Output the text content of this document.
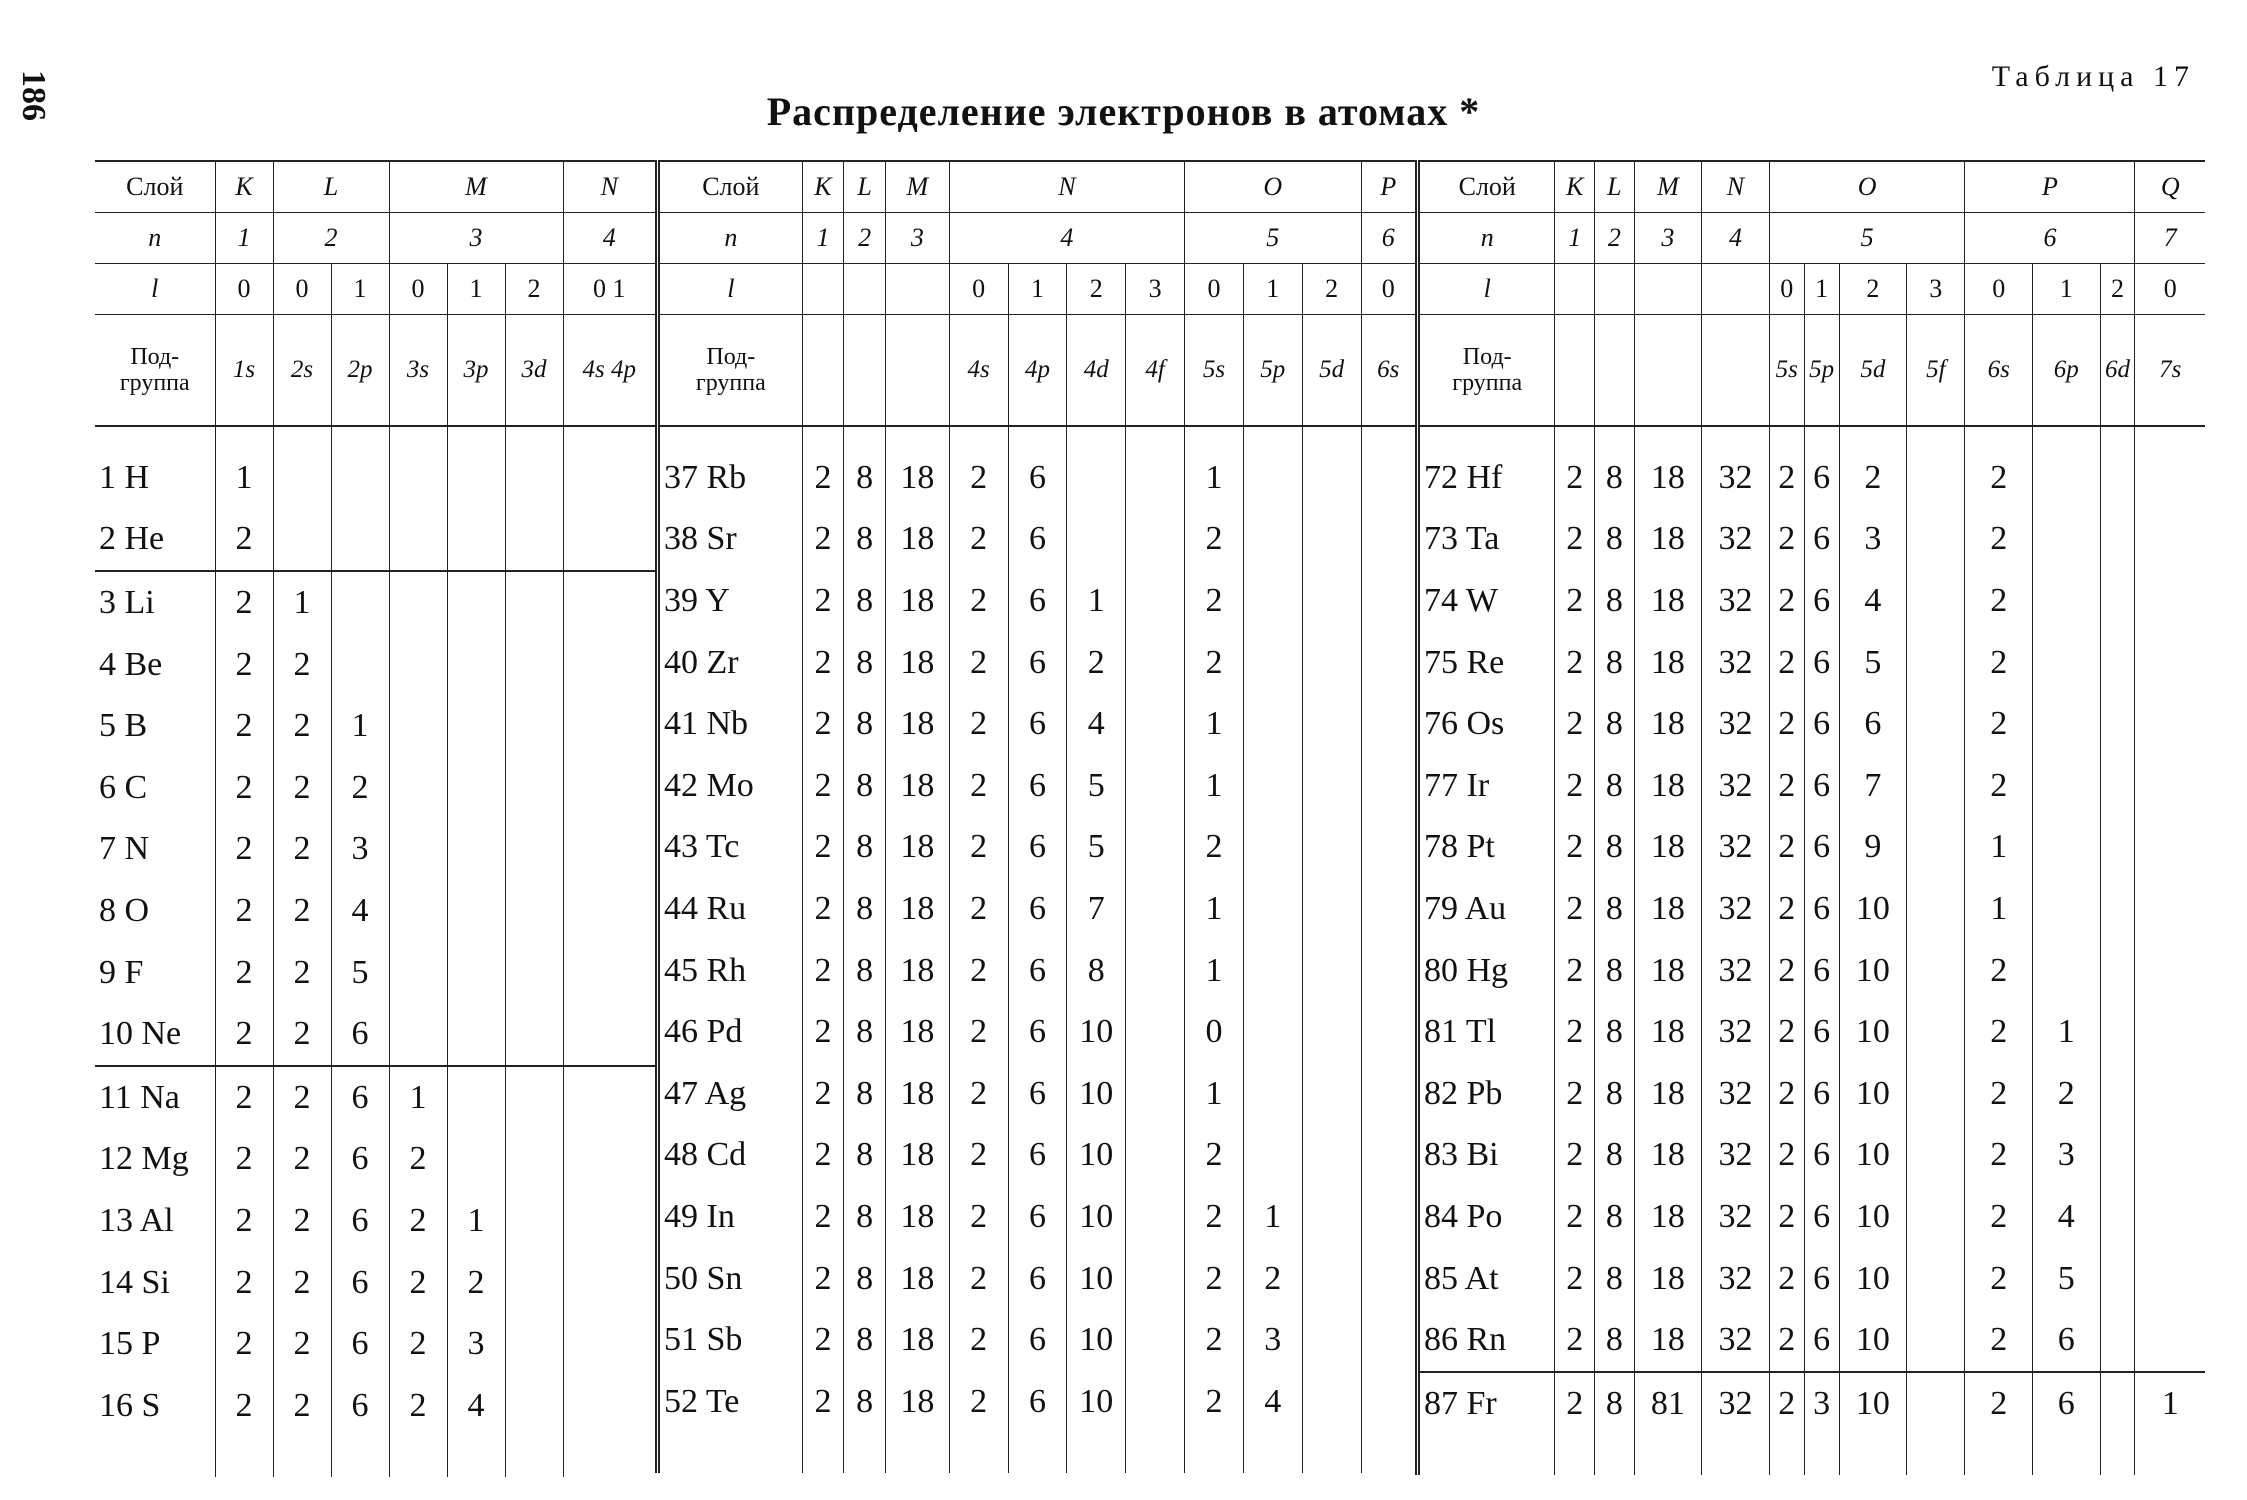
186	Таблица 17
Распределение электронов в атомах *
Слой	K	L		M			N
n	1	2		3			4
l	0	0	1	0	1	2	0 1
Под-
группа	1s	2s	2p	3s	3p	3d	4s 4p

1 H	1						
2 He	2						
3 Li	2	1					
4 Be	2	2					
5 B	2	2	1				
6 C	2	2	2				
7 N	2	2	3				
8 O	2	2	4				
9 F	2	2	5				
10 Ne	2	2	6				
11 Na	2	2	6	1			
12 Mg	2	2	6	2			
13 Al	2	2	6	2	1		
14 Si	2	2	6	2	2		
15 P	2	2	6	2	3		
16 S	2	2	6	2	4		

Слой	K	L	M	N				O			P
n	1	2	3	4				5			6
l				0	1	2	3	0	1	2	0
Под-
группа				4s	4p	4d	4f	5s	5p	5d	6s

37 Rb	2	8	18	2	6			1			
38 Sr	2	8	18	2	6			2			
39 Y	2	8	18	2	6	1		2			
40 Zr	2	8	18	2	6	2		2			
41 Nb	2	8	18	2	6	4		1			
42 Mo	2	8	18	2	6	5		1			
43 Tc	2	8	18	2	6	5		2			
44 Ru	2	8	18	2	6	7		1			
45 Rh	2	8	18	2	6	8		1			
46 Pd	2	8	18	2	6	10		0			
47 Ag	2	8	18	2	6	10		1			
48 Cd	2	8	18	2	6	10		2			
49 In	2	8	18	2	6	10		2	1		
50 Sn	2	8	18	2	6	10		2	2		
51 Sb	2	8	18	2	6	10		2	3		
52 Te	2	8	18	2	6	10		2	4		

Слой	K	L	M	N	O				P			Q
n	1	2	3	4	5				6			7
l					0	1	2	3	0	1	2	0
Под-
группа					5s	5p	5d	5f	6s	6p	6d	7s

72 Hf	2	8	18	32	2	6	2		2			
73 Ta	2	8	18	32	2	6	3		2			
74 W	2	8	18	32	2	6	4		2			
75 Re	2	8	18	32	2	6	5		2			
76 Os	2	8	18	32	2	6	6		2			
77 Ir	2	8	18	32	2	6	7		2			
78 Pt	2	8	18	32	2	6	9		1			
79 Au	2	8	18	32	2	6	10		1			
80 Hg	2	8	18	32	2	6	10		2			
81 Tl	2	8	18	32	2	6	10		2	1		
82 Pb	2	8	18	32	2	6	10		2	2		
83 Bi	2	8	18	32	2	6	10		2	3		
84 Po	2	8	18	32	2	6	10		2	4		
85 At	2	8	18	32	2	6	10		2	5		
86 Rn	2	8	18	32	2	6	10		2	6		
87 Fr	2	8	81	32	2	3	10		2	6		1
